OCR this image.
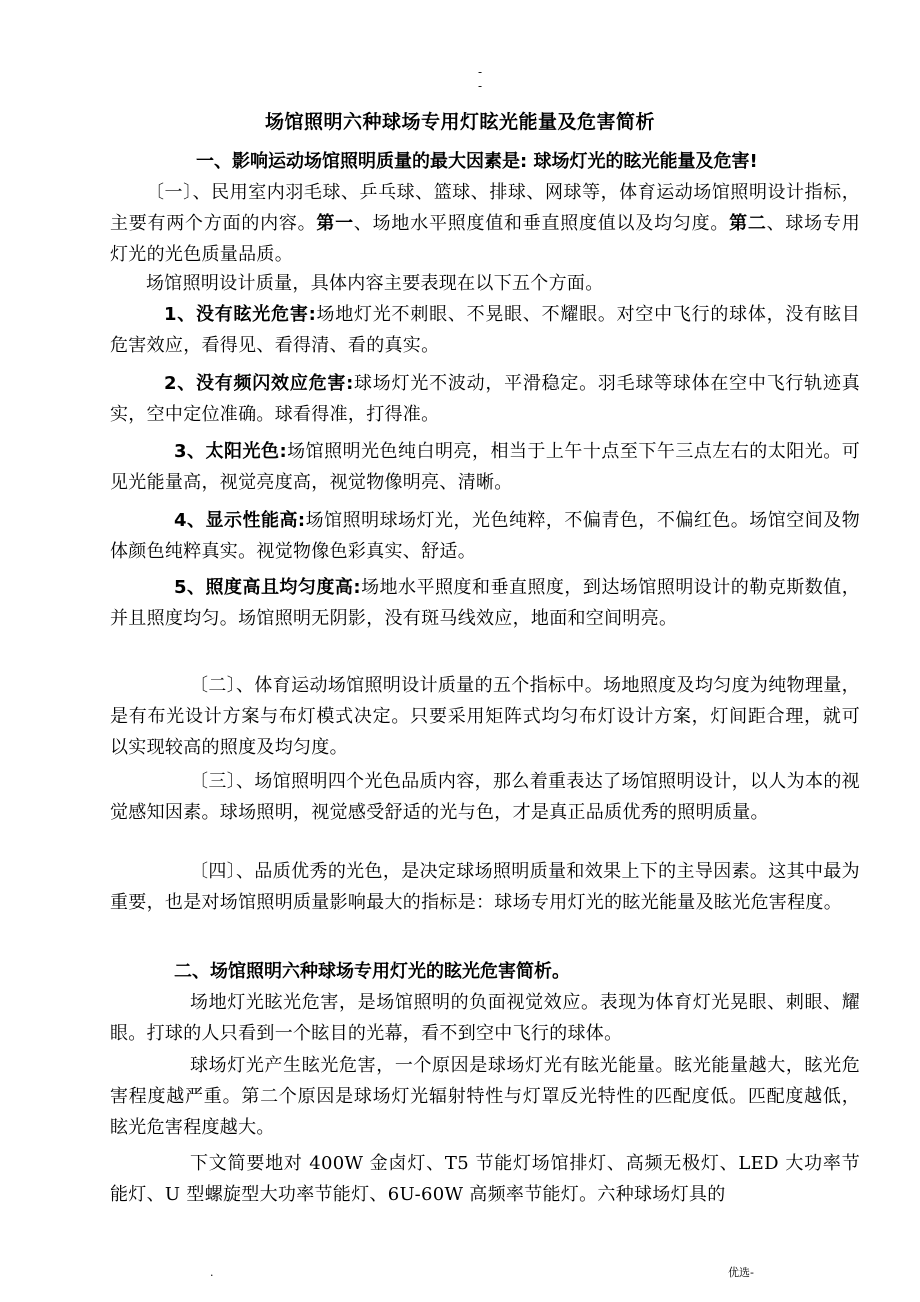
-
-
场馆照明六种球场专用灯眩光能量及危害简析
一、影响运动场馆照明质量的最大因素是: 球场灯光的眩光能量及危害!
〔一〕、民用室内羽毛球、乒乓球、篮球、排球、网球等，体育运动场馆照明设计指标，主要有两个方面的内容。第一、场地水平照度值和垂直照度值以及均匀度。第二、球场专用灯光的光色质量品质。
场馆照明设计质量，具体内容主要表现在以下五个方面。
1、没有眩光危害:场地灯光不刺眼、不晃眼、不耀眼。对空中飞行的球体，没有眩目危害效应，看得见、看得清、看的真实。
2、没有频闪效应危害:球场灯光不波动，平滑稳定。羽毛球等球体在空中飞行轨迹真实，空中定位准确。球看得准，打得准。
3、太阳光色:场馆照明光色纯白明亮，相当于上午十点至下午三点左右的太阳光。可见光能量高，视觉亮度高，视觉物像明亮、清晰。
4、显示性能高:场馆照明球场灯光，光色纯粹，不偏青色，不偏红色。场馆空间及物体颜色纯粹真实。视觉物像色彩真实、舒适。
5、照度高且均匀度高:场地水平照度和垂直照度，到达场馆照明设计的勒克斯数值，并且照度均匀。场馆照明无阴影，没有斑马线效应，地面和空间明亮。
〔二〕、体育运动场馆照明设计质量的五个指标中。场地照度及均匀度为纯物理量，是有布光设计方案与布灯模式决定。只要采用矩阵式均匀布灯设计方案，灯间距合理，就可以实现较高的照度及均匀度。
〔三〕、场馆照明四个光色品质内容，那么着重表达了场馆照明设计，以人为本的视觉感知因素。球场照明，视觉感受舒适的光与色，才是真正品质优秀的照明质量。
〔四〕、品质优秀的光色，是决定球场照明质量和效果上下的主导因素。这其中最为重要，也是对场馆照明质量影响最大的指标是：球场专用灯光的眩光能量及眩光危害程度。
二、场馆照明六种球场专用灯光的眩光危害简析。
场地灯光眩光危害，是场馆照明的负面视觉效应。表现为体育灯光晃眼、刺眼、耀眼。打球的人只看到一个眩目的光幕，看不到空中飞行的球体。
球场灯光产生眩光危害，一个原因是球场灯光有眩光能量。眩光能量越大，眩光危害程度越严重。第二个原因是球场灯光辐射特性与灯罩反光特性的匹配度低。匹配度越低，眩光危害程度越大。
下文简要地对 400W 金卤灯、T5 节能灯场馆排灯、高频无极灯、LED 大功率节能灯、U 型螺旋型大功率节能灯、6U-60W 高频率节能灯。六种球场灯具的
.	优选-
